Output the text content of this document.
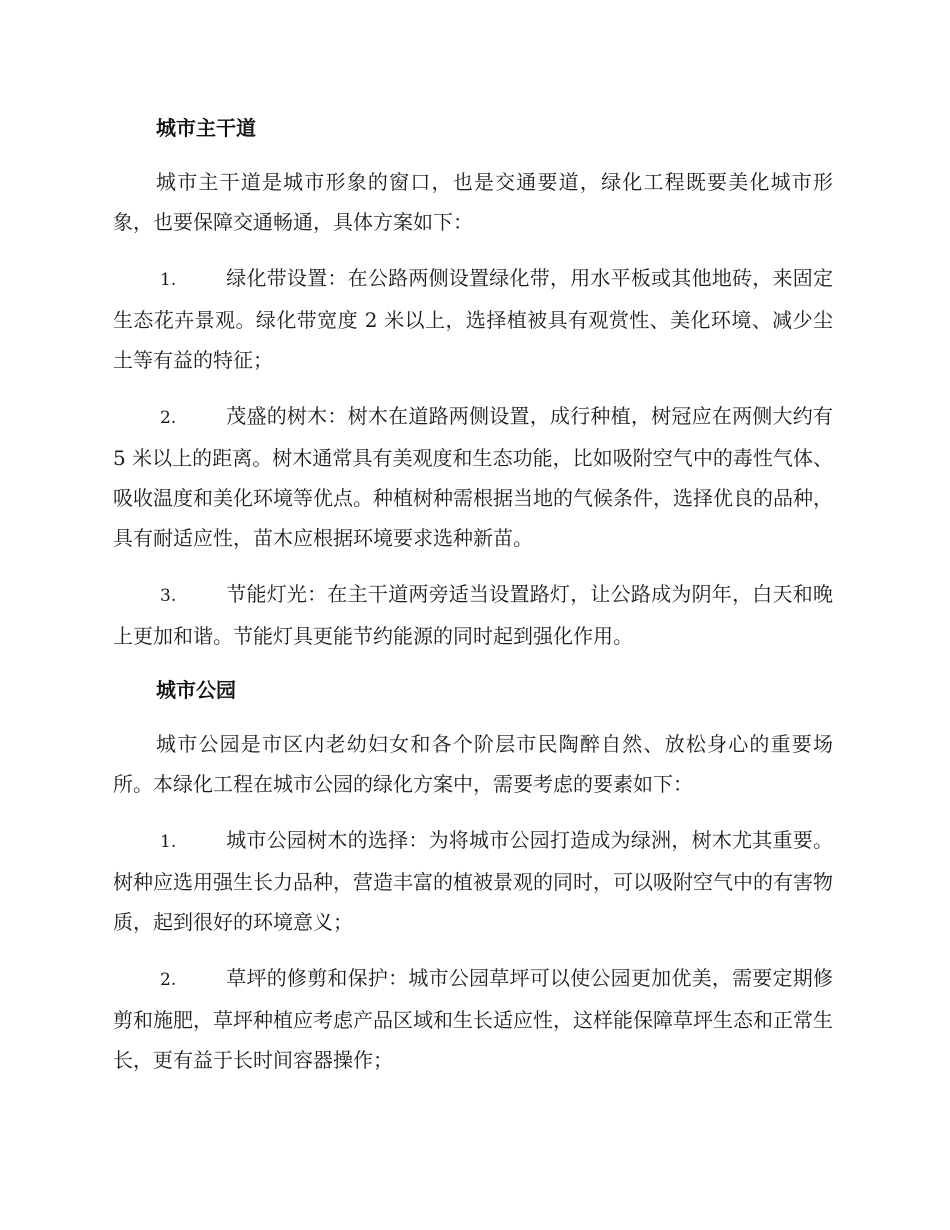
城市主干道

城市主干道是城市形象的窗口，也是交通要道，绿化工程既要美化城市形象，也要保障交通畅通，具体方案如下：

1. 绿化带设置：在公路两侧设置绿化带，用水平板或其他地砖，来固定生态花卉景观。绿化带宽度 2 米以上，选择植被具有观赏性、美化环境、减少尘土等有益的特征；

2. 茂盛的树木：树木在道路两侧设置，成行种植，树冠应在两侧大约有 5 米以上的距离。树木通常具有美观度和生态功能，比如吸附空气中的毒性气体、吸收温度和美化环境等优点。种植树种需根据当地的气候条件，选择优良的品种，具有耐适应性，苗木应根据环境要求选种新苗。

3. 节能灯光：在主干道两旁适当设置路灯，让公路成为阴年，白天和晚上更加和谐。节能灯具更能节约能源的同时起到强化作用。

城市公园

城市公园是市区内老幼妇女和各个阶层市民陶醉自然、放松身心的重要场所。本绿化工程在城市公园的绿化方案中，需要考虑的要素如下：

1. 城市公园树木的选择：为将城市公园打造成为绿洲，树木尤其重要。树种应选用强生长力品种，营造丰富的植被景观的同时，可以吸附空气中的有害物质，起到很好的环境意义；

2. 草坪的修剪和保护：城市公园草坪可以使公园更加优美，需要定期修剪和施肥，草坪种植应考虑产品区域和生长适应性，这样能保障草坪生态和正常生长，更有益于长时间容器操作；
